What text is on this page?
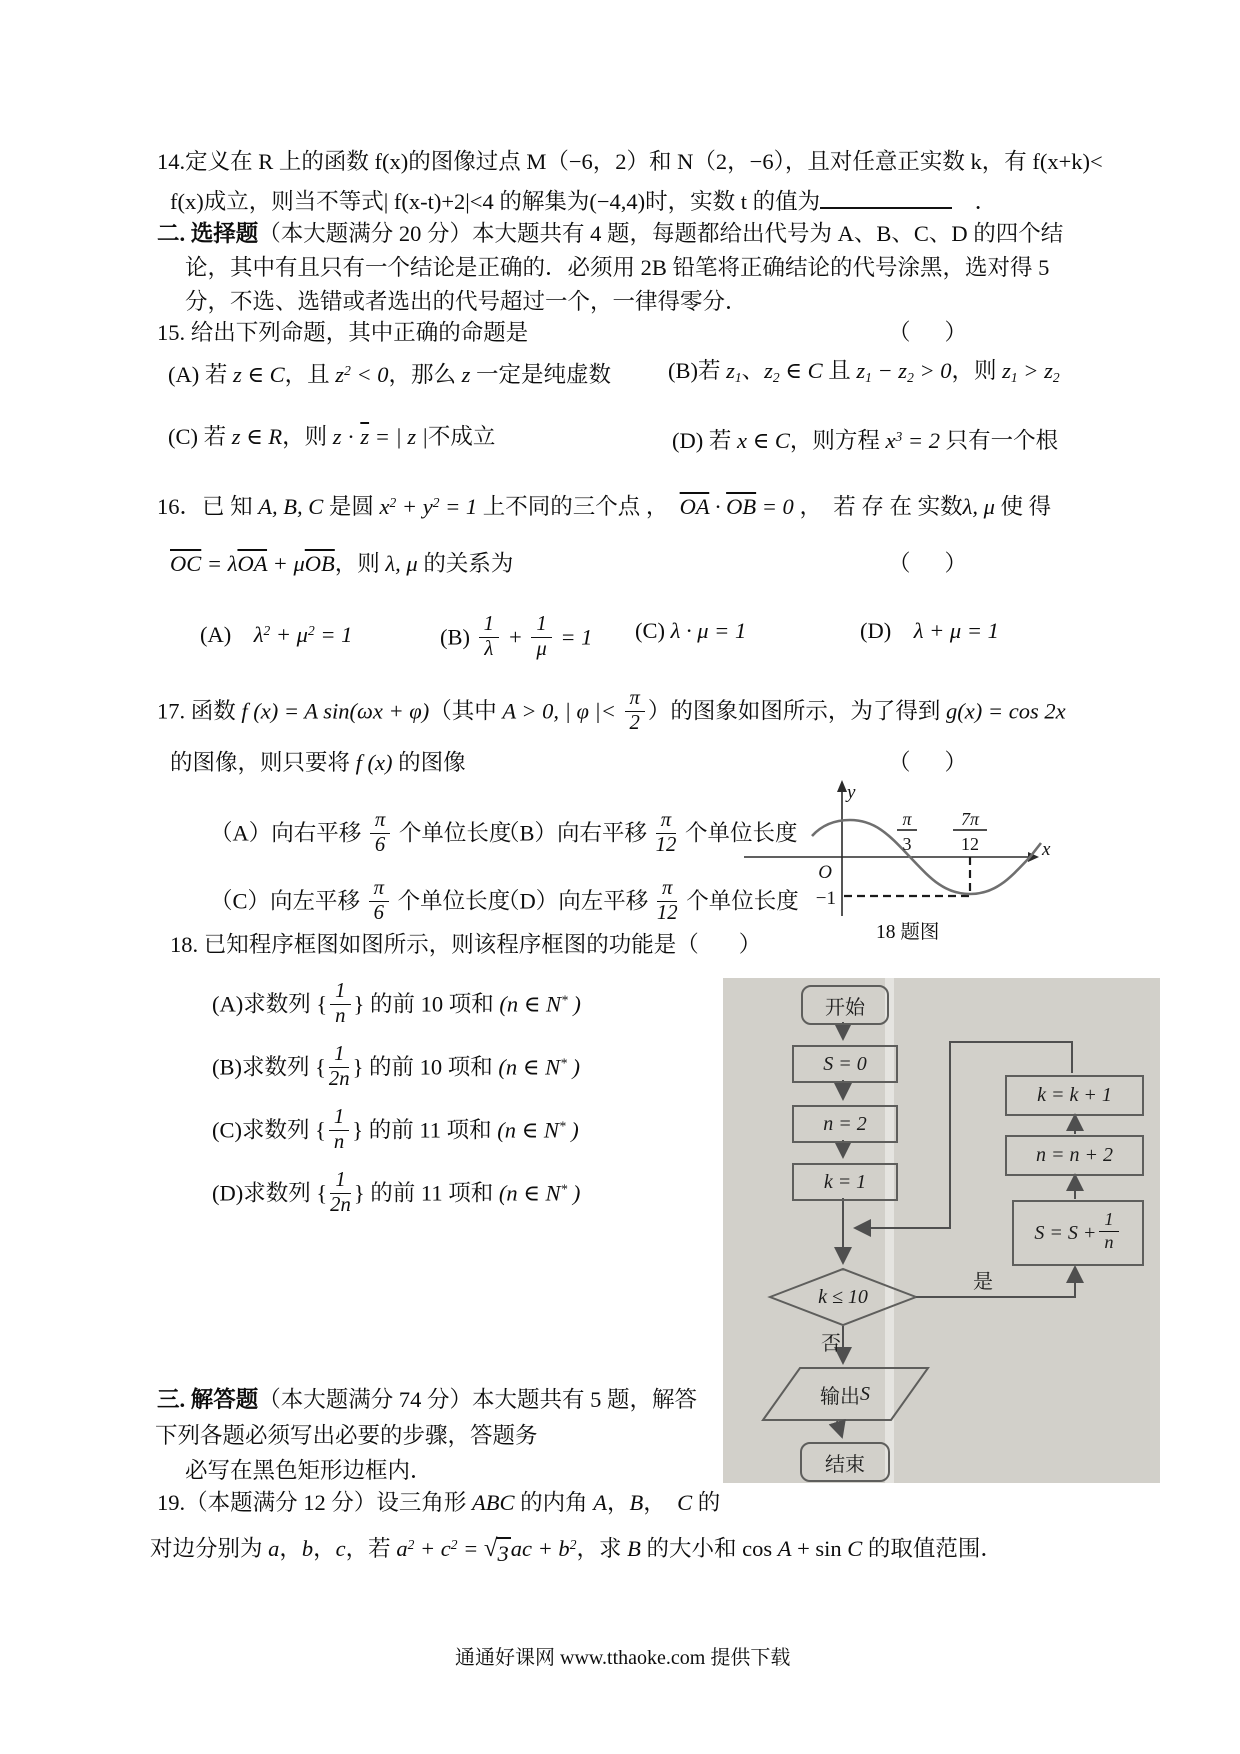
14.定义在 R 上的函数 f(x)的图像过点 M（−6，2）和 N（2，−6），且对任意正实数 k，有 f(x+k)<
f(x)成立，则当不等式| f(x-t)+2|<4 的解集为(−4,4)时，实数 t 的值为	　．
二. 选择题（本大题满分 20 分）本大题共有 4 题，每题都给出代号为 A、B、C、D 的四个结
论，其中有且只有一个结论是正确的．必须用 2B 铅笔将正确结论的代号涂黑，选对得 5
分，不选、选错或者选出的代号超过一个，一律得零分．
15. 给出下列命题，其中正确的命题是	（ ）
(A) 若 z ∈ C，且 $z^2 < 0$，那么 z 一定是纯虚数	(B)若 $z_1$、$z_2$ ∈ C 且 $z_1 - z_2 > 0$，则 $z_1 > z_2$
(C) 若 z ∈ R，则 $z \cdot \overline{z}$ = | z |不成立	(D) 若 x ∈ C，则方程 $x^3 = 2$ 只有一个根
16．已 知 A, B, C 是圆 $x^2 + y^2 = 1$ 上不同的三个点 ，　$\overline{OA} \cdot \overline{OB} = 0$ ，　若 存 在 实数λ, μ 使 得
$\overline{OC} = \lambda\overline{OA} + \mu\overline{OB}$，则 λ, μ 的关系为	（ ）
(A)　$\lambda^2 + \mu^2 = 1$	$(B) \frac{1}{\lambda} + \frac{1}{\mu} = 1$ (C) λ · μ = 1	(D)　λ + μ = 1
17. 函数 f (x) = A sin(ωx + φ)（其中 A > 0, | φ |< $\frac{\pi}{2}$ ）的图象如图所示，为了得到 g(x) = cos 2x
的图像，则只要将 f (x) 的图像	（ ）
（A）向右平移 $\frac{\pi}{6}$ 个单位长度
（B）向右平移 $\frac{\pi}{12}$ 个单位长度
（C）向左平移 $\frac{\pi}{6}$ 个单位长度
（D）向左平移 $\frac{\pi}{12}$ 个单位长度
18. 已知程序框图如图所示，则该程序框图的功能是（ ）
(A)求数列 { $\frac{1}{n}$ } 的前 10 项和 (n ∈ N* )
(B)求数列 { $\frac{1}{2n}$ } 的前 10 项和 (n ∈ N* )
(C)求数列 { $\frac{1}{n}$ } 的前 11 项和 (n ∈ N* )
(D)求数列 { $\frac{1}{2n}$ } 的前 11 项和 (n ∈ N* )
三. 解答题（本大题满分 74 分）本大题共有 5 题，解答
下列各题必须写出必要的步骤，答题务
必写在黑色矩形边框内．
19.（本题满分 12 分）设三角形 ABC 的内角 A，B，　C 的
对边分别为 a，b，c，若 $a^2 + c^2$ = √ 3 ac + $b^2$，求 B 的大小和 cos A + sin C 的取值范围．
通通好课网 www.tthaoke.com 提供下载
y
x
O
−1
π
3
7π
12
18 题图
开始
S = 0
n = 2
k = 1
k ≤ 10
是
否
输出 S
结束
k = k + 1
n = n + 2
$S = S + \frac{1}{n}$
